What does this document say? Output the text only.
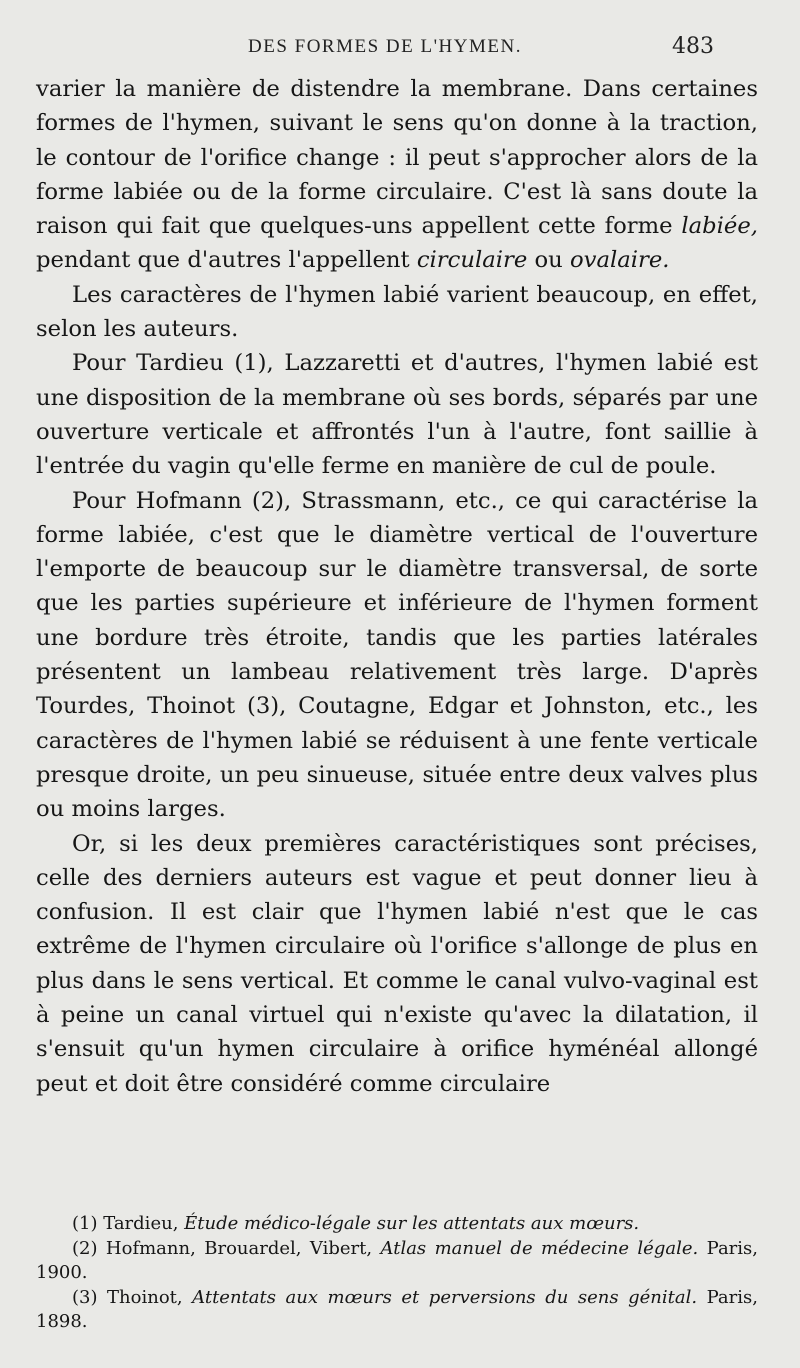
DES FORMES DE L'HYMEN.	483

varier la manière de distendre la membrane. Dans certaines formes de l'hymen, suivant le sens qu'on donne à la traction, le contour de l'orifice change : il peut s'approcher alors de la forme labiée ou de la forme circulaire. C'est là sans doute la raison qui fait que quelques-uns appellent cette forme labiée, pendant que d'autres l'appellent circulaire ou ovalaire.

Les caractères de l'hymen labié varient beaucoup, en effet, selon les auteurs.

Pour Tardieu (1), Lazzaretti et d'autres, l'hymen labié est une disposition de la membrane où ses bords, séparés par une ouverture verticale et affrontés l'un à l'autre, font saillie à l'entrée du vagin qu'elle ferme en manière de cul de poule.

Pour Hofmann (2), Strassmann, etc., ce qui caractérise la forme labiée, c'est que le diamètre vertical de l'ouverture l'emporte de beaucoup sur le diamètre transversal, de sorte que les parties supérieure et inférieure de l'hymen forment une bordure très étroite, tandis que les parties latérales présentent un lambeau relativement très large. D'après Tourdes, Thoinot (3), Coutagne, Edgar et Johnston, etc., les caractères de l'hymen labié se réduisent à une fente verticale presque droite, un peu sinueuse, située entre deux valves plus ou moins larges.

Or, si les deux premières caractéristiques sont précises, celle des derniers auteurs est vague et peut donner lieu à confusion. Il est clair que l'hymen labié n'est que le cas extrême de l'hymen circulaire où l'orifice s'allonge de plus en plus dans le sens vertical. Et comme le canal vulvo-vaginal est à peine un canal virtuel qui n'existe qu'avec la dilatation, il s'ensuit qu'un hymen circulaire à orifice hyménéal allongé peut et doit être considéré comme circulaire

(1) Tardieu, Étude médico-légale sur les attentats aux mœurs.

(2) Hofmann, Brouardel, Vibert, Atlas manuel de médecine légale. Paris, 1900.

(3) Thoinot, Attentats aux mœurs et perversions du sens génital. Paris, 1898.
